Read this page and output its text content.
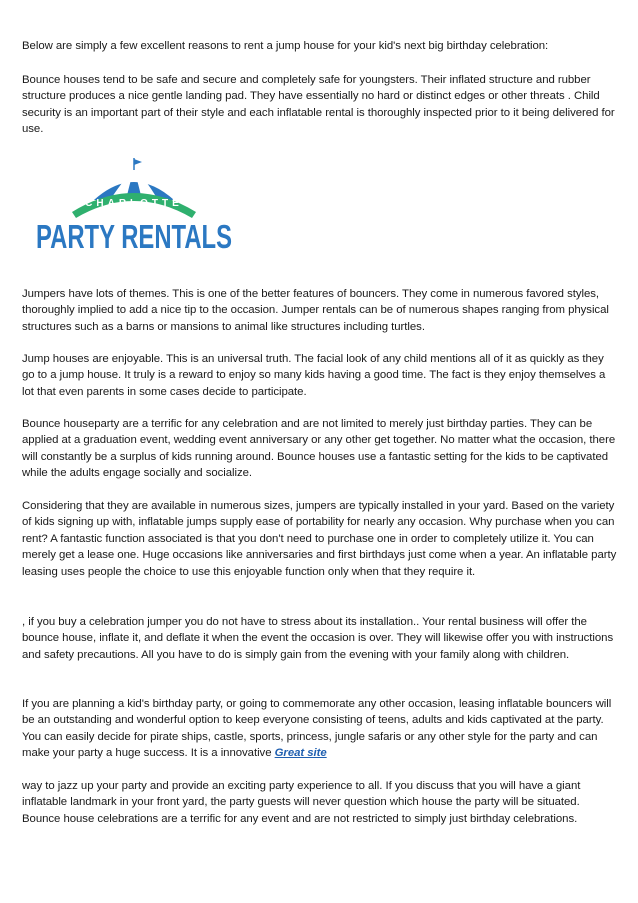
Below are simply a few excellent reasons to rent a jump house for your kid's next big birthday celebration:

Bounce houses tend to be safe and secure and completely safe for youngsters. Their inflated structure and rubber structure produces a nice gentle landing pad. They have essentially no hard or distinct edges or other threats . Child security is an important part of their style and each inflatable rental is thoroughly inspected prior to it being delivered for use.

Jumpers have lots of themes. This is one of the better features of bouncers. They come in numerous favored styles, thoroughly implied to add a nice tip to the occasion. Jumper rentals can be of numerous shapes ranging from physical structures such as a barns or mansions to animal like structures including turtles.

Jump houses are enjoyable. This is an universal truth. The facial look of any child mentions all of it as quickly as they go to a jump house. It truly is a reward to enjoy so many kids having a good time. The fact is they enjoy themselves a lot that even parents in some cases decide to participate.

Bounce houseparty are a terrific for any celebration and are not limited to merely just birthday parties. They can be applied at a graduation event, wedding event anniversary or any other get together. No matter what the occasion, there will constantly be a surplus of kids running around. Bounce houses use a fantastic setting for the kids to be captivated while the adults engage socially and socialize.

Considering that they are available in numerous sizes, jumpers are typically installed in your yard. Based on the variety of kids signing up with, inflatable jumps supply ease of portability for nearly any occasion. Why purchase when you can rent? A fantastic function associated is that you don't need to purchase one in order to completely utilize it. You can merely get a lease one. Huge occasions like anniversaries and first birthdays just come when a year. An inflatable party leasing uses people the choice to use this enjoyable function only when that they require it.

, if you buy a celebration jumper you do not have to stress about its installation.. Your rental business will offer the bounce house, inflate it, and deflate it when the event the occasion is over. They will likewise offer you with instructions and safety precautions. All you have to do is simply gain from the evening with your family along with children.

If you are planning a kid's birthday party, or going to commemorate any other occasion, leasing inflatable bouncers will be an outstanding and wonderful option to keep everyone consisting of teens, adults and kids captivated at the party. You can easily decide for pirate ships, castle, sports, princess, jungle safaris or any other style for the party and can make your party a huge success. It is a innovative Great site

way to jazz up your party and provide an exciting party experience to all. If you discuss that you will have a giant inflatable landmark in your front yard, the party guests will never question which house the party will be situated. Bounce house celebrations are a terrific for any event and are not restricted to simply just birthday celebrations.

CHARLOTTE
PARTY RENTALS
